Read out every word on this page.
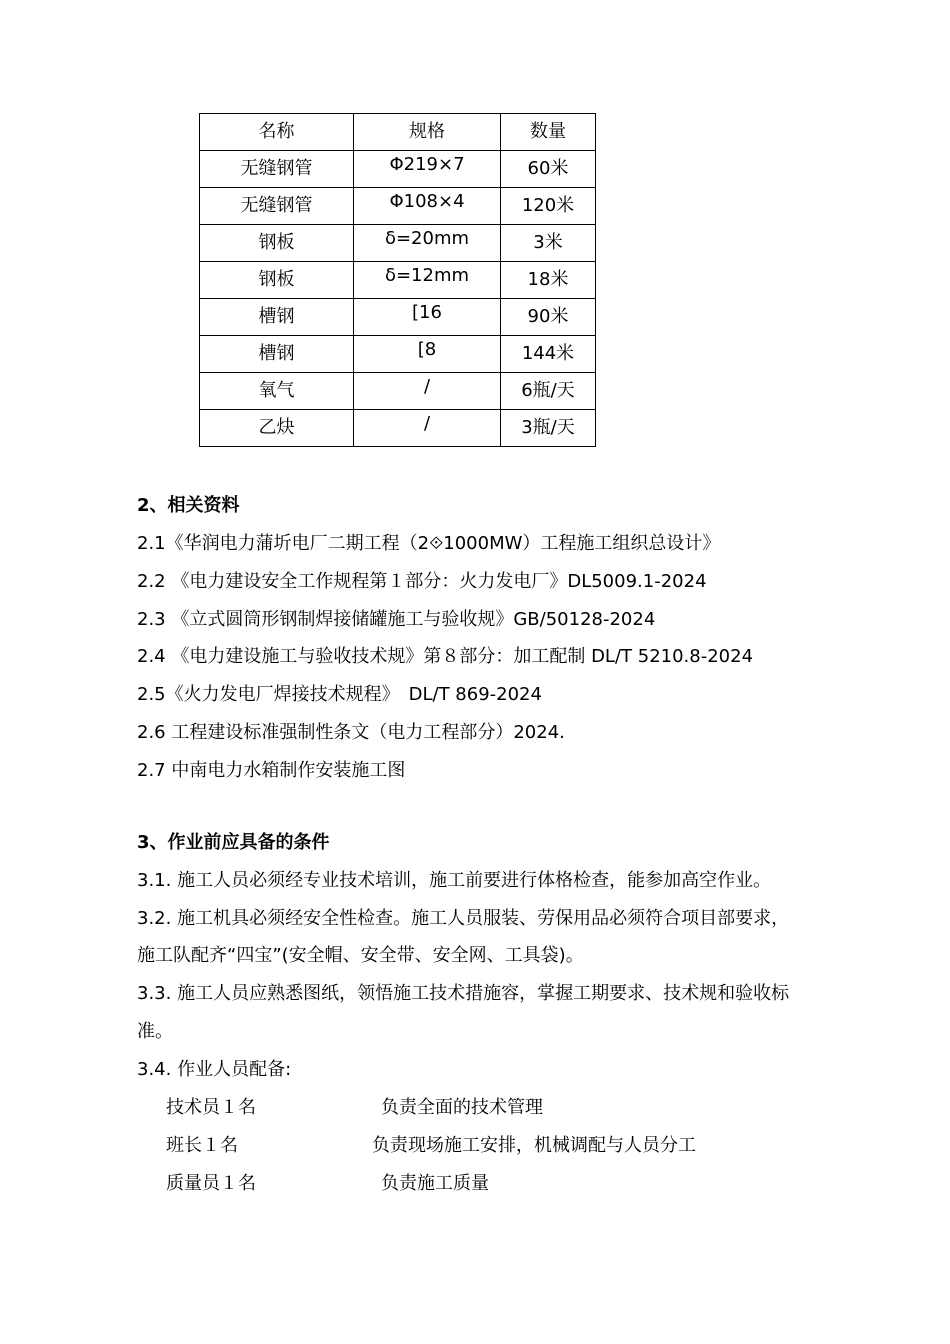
名称	规格	数量
无缝钢管	Φ219×7	60米
无缝钢管	Φ108×4	120米
钢板	δ=20mm	3米
钢板	δ=12mm	18米
槽钢	[16	90米
槽钢	[8	144米
氧气	/	6瓶/天
乙炔	/	3瓶/天
2、相关资料
2.1《华润电力蒲圻电厂二期工程（2⟐1000MW）工程施工组织总设计》
2.2 《电力建设安全工作规程第１部分：火力发电厂》DL5009.1-2024
2.3 《立式圆筒形钢制焊接储罐施工与验收规》GB/50128-2024
2.4 《电力建设施工与验收技术规》第８部分：加工配制 DL/T 5210.8-2024
2.5《火力发电厂焊接技术规程》　DL/T 869-2024
2.6 工程建设标准强制性条文（电力工程部分）2024.
2.7 中南电力水箱制作安装施工图
3、作业前应具备的条件
3.1. 施工人员必须经专业技术培训，施工前要进行体格检查，能参加高空作业。
3.2. 施工机具必须经安全性检查。施工人员服装、劳保用品必须符合项目部要求，
施工队配齐“四宝”(安全帽、安全带、安全网、工具袋)。
3.3. 施工人员应熟悉图纸，领悟施工技术措施容，掌握工期要求、技术规和验收标
准。
3.4. 作业人员配备:
技术员１名	负责全面的技术管理
班长１名	负责现场施工安排，机械调配与人员分工
质量员１名	负责施工质量
